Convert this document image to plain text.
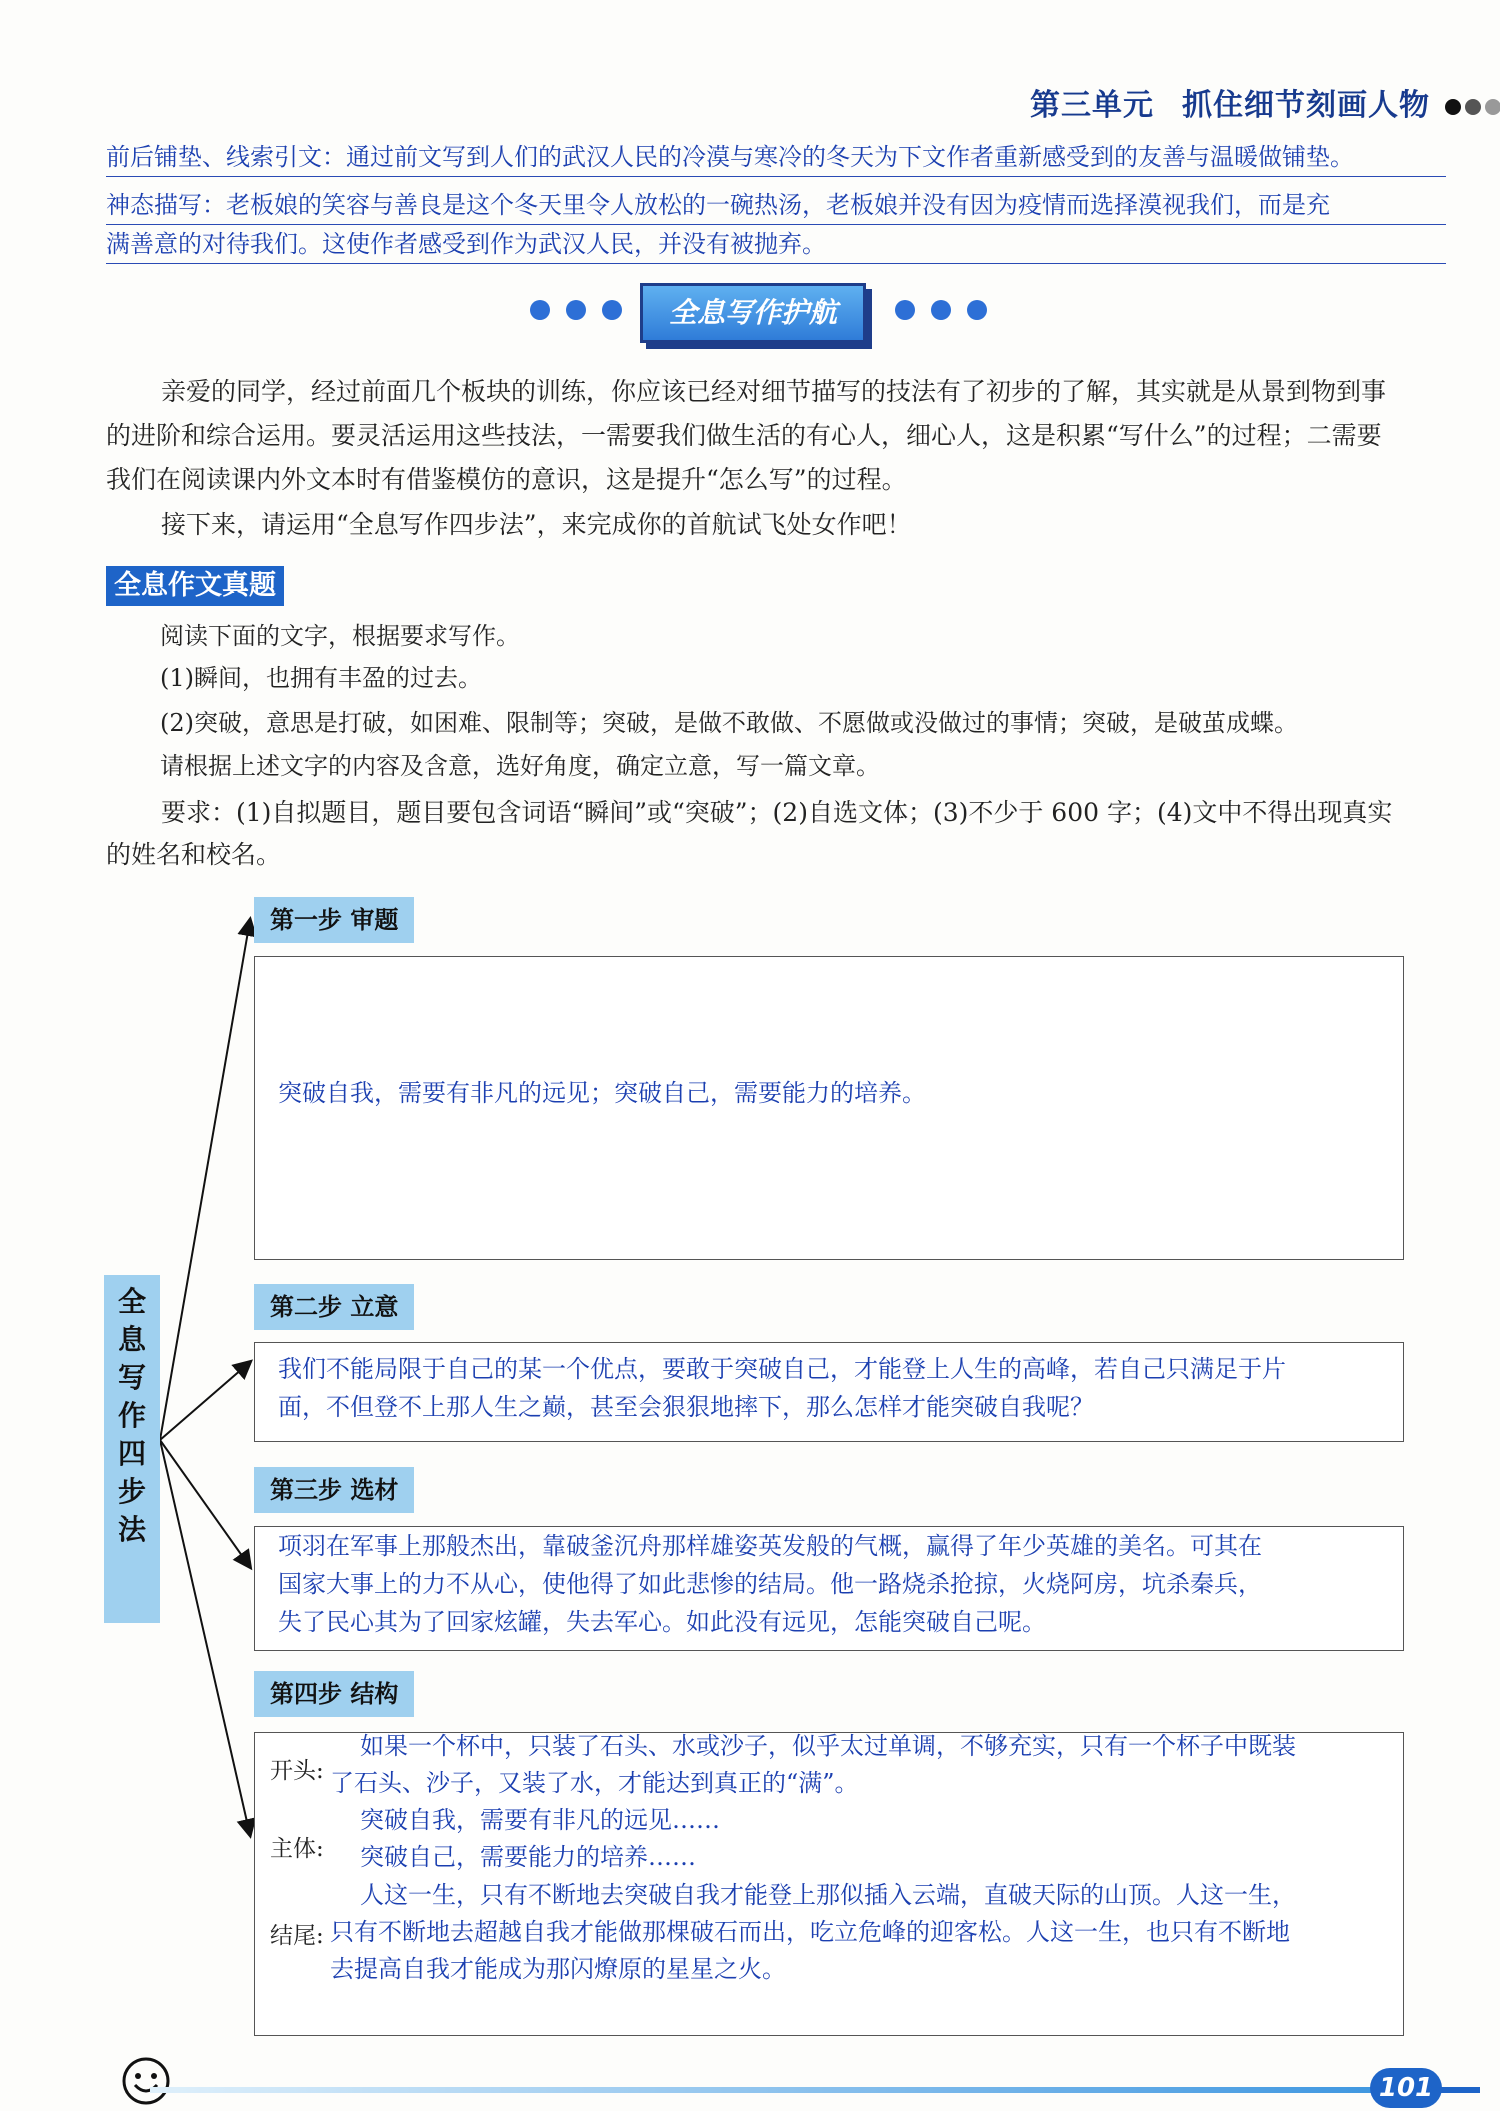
第三单元 抓住细节刻画人物
前后铺垫、线索引文：通过前文写到人们的武汉人民的冷漠与寒冷的冬天为下文作者重新感受到的友善与温暖做铺垫。
神态描写：老板娘的笑容与善良是这个冬天里令人放松的一碗热汤，老板娘并没有因为疫情而选择漠视我们，而是充
满善意的对待我们。这使作者感受到作为武汉人民，并没有被抛弃。
全息写作护航
亲爱的同学，经过前面几个板块的训练，你应该已经对细节描写的技法有了初步的了解，其实就是从景到物到事的进阶和综合运用。要灵活运用这些技法，一需要我们做生活的有心人，细心人，这是积累“写什么”的过程；二需要我们在阅读课内外文本时有借鉴模仿的意识，这是提升“怎么写”的过程。
接下来，请运用“全息写作四步法”，来完成你的首航试飞处女作吧！
全息作文真题
阅读下面的文字，根据要求写作。
(1)瞬间，也拥有丰盈的过去。
(2)突破，意思是打破，如困难、限制等；突破，是做不敢做、不愿做或没做过的事情；突破，是破茧成蝶。
请根据上述文字的内容及含意，选好角度，确定立意，写一篇文章。
要求：(1)自拟题目，题目要包含词语“瞬间”或“突破”；(2)自选文体；(3)不少于 600 字；(4)文中不得出现真实的姓名和校名。
全
息
写
作
四
步
法
第一步 审题
突破自我，需要有非凡的远见；突破自己，需要能力的培养。
第二步 立意
我们不能局限于自己的某一个优点，要敢于突破自己，才能登上人生的高峰，若自己只满足于片
面，不但登不上那人生之巅，甚至会狠狠地摔下，那么怎样才能突破自我呢？
第三步 选材
项羽在军事上那般杰出，靠破釜沉舟那样雄姿英发般的气概，赢得了年少英雄的美名。可其在
国家大事上的力不从心，使他得了如此悲惨的结局。他一路烧杀抢掠，火烧阿房，坑杀秦兵，
失了民心其为了回家炫罐，失去军心。如此没有远见，怎能突破自己呢。
第四步 结构
开头:
如果一个杯中，只装了石头、水或沙子，似乎太过单调，不够充实，只有一个杯子中既装
了石头、沙子，又装了水，才能达到真正的“满”。
主体:
突破自我，需要有非凡的远见……
突破自己，需要能力的培养……
结尾:
人这一生，只有不断地去突破自我才能登上那似插入云端，直破天际的山顶。人这一生，
只有不断地去超越自我才能做那棵破石而出，吃立危峰的迎客松。人这一生，也只有不断地
去提高自我才能成为那闪燎原的星星之火。
101
